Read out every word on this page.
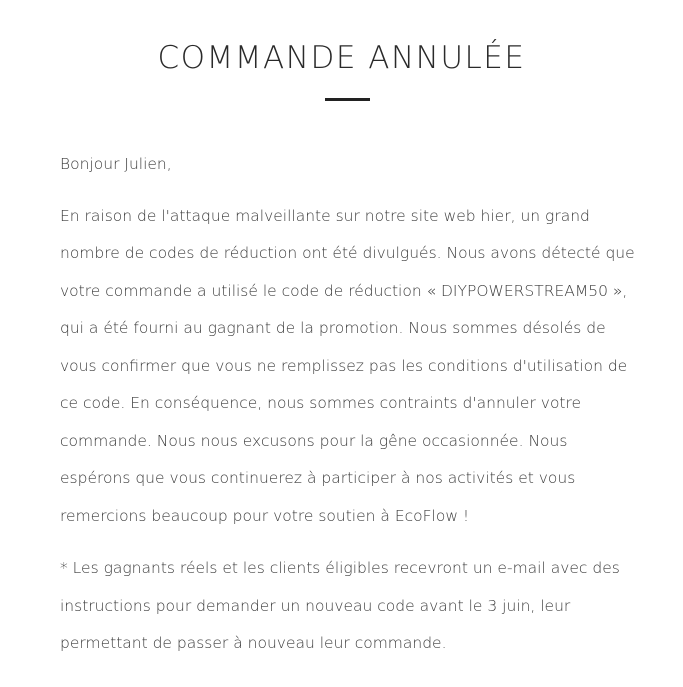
COMMANDE ANNULÉE

Bonjour Julien,

En raison de l'attaque malveillante sur notre site web hier, un grand nombre de codes de réduction ont été divulgués. Nous avons détecté que votre commande a utilisé le code de réduction « DIYPOWERSTREAM50 », qui a été fourni au gagnant de la promotion. Nous sommes désolés de vous confirmer que vous ne remplissez pas les conditions d'utilisation de ce code. En conséquence, nous sommes contraints d'annuler votre commande. Nous nous excusons pour la gêne occasionnée. Nous espérons que vous continuerez à participer à nos activités et vous remercions beaucoup pour votre soutien à EcoFlow !

* Les gagnants réels et les clients éligibles recevront un e-mail avec des instructions pour demander un nouveau code avant le 3 juin, leur permettant de passer à nouveau leur commande.
